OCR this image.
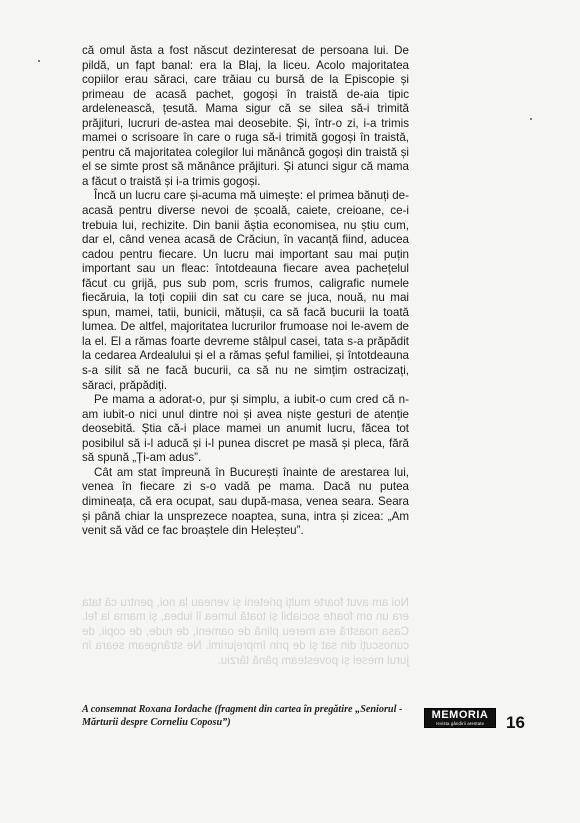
Noi am avut foarte mulți prieteni și veneau la noi, pentru că tata era un om foarte sociabil și toată lumea îl iubea, și mama la fel. Casa noastră era mereu plină de oameni, de rude, de copii, de cunoscuți din sat și de prin împrejurimi. Ne strângeam seara în jurul mesei și povesteam până târziu.

că omul ăsta a fost născut dezinteresat de persoana lui. De pildă, un fapt banal: era la Blaj, la liceu. Acolo majoritatea copiilor erau săraci, care trăiau cu bursă de la Episcopie și primeau de acasă pachet, gogoși în traistă de-aia tipic ardelenească, țesută. Mama sigur că se silea să-i trimită prăjituri, lucruri de-astea mai deosebite. Și, într-o zi, i-a trimis mamei o scrisoare în care o ruga să-i trimită gogoși în traistă, pentru că majoritatea colegilor lui mănâncă gogoși din traistă și el se simte prost să mănânce prăjituri. Și atunci sigur că mama a făcut o traistă și i-a trimis gogoși.

Încă un lucru care și-acuma mă uimește: el primea bănuți de-acasă pentru diverse nevoi de școală, caiete, creioane, ce-i trebuia lui, rechizite. Din banii ăștia economisea, nu știu cum, dar el, când venea acasă de Crăciun, în vacanță fiind, aducea cadou pentru fiecare. Un lucru mai important sau mai puțin important sau un fleac: întotdeauna fiecare avea pachețelul făcut cu grijă, pus sub pom, scris frumos, caligrafic numele fiecăruia, la toți copiii din sat cu care se juca, nouă, nu mai spun, mamei, tatii, bunicii, mătușii, ca să facă bucurii la toată lumea. De altfel, majoritatea lucrurilor frumoase noi le-avem de la el. El a rămas foarte devreme stâlpul casei, tata s-a prăpădit la cedarea Ardealului și el a rămas șeful familiei, și întotdeauna s-a silit să ne facă bucurii, ca să nu ne simțim ostracizați, săraci, prăpădiți.

Pe mama a adorat-o, pur și simplu, a iubit-o cum cred că n-am iubit-o nici unul dintre noi și avea niște gesturi de atenție deosebită. Știa că-i place mamei un anumit lucru, făcea tot posibilul să i-l aducă și i-l punea discret pe masă și pleca, fără să spună „Ți-am adus”.

Cât am stat împreună în București înainte de arestarea lui, venea în fiecare zi s-o vadă pe mama. Dacă nu putea dimineața, că era ocupat, sau după-masa, venea seara. Seara și până chiar la unsprezece noaptea, suna, intra și zicea: „Am venit să văd ce fac broaștele din Heleșteu”.

A consemnat Roxana Iordache (fragment din cartea în pregătire „Seniorul - Mărturii despre Corneliu Coposu”)
MEMORIA
revista gândirii arestate 16
